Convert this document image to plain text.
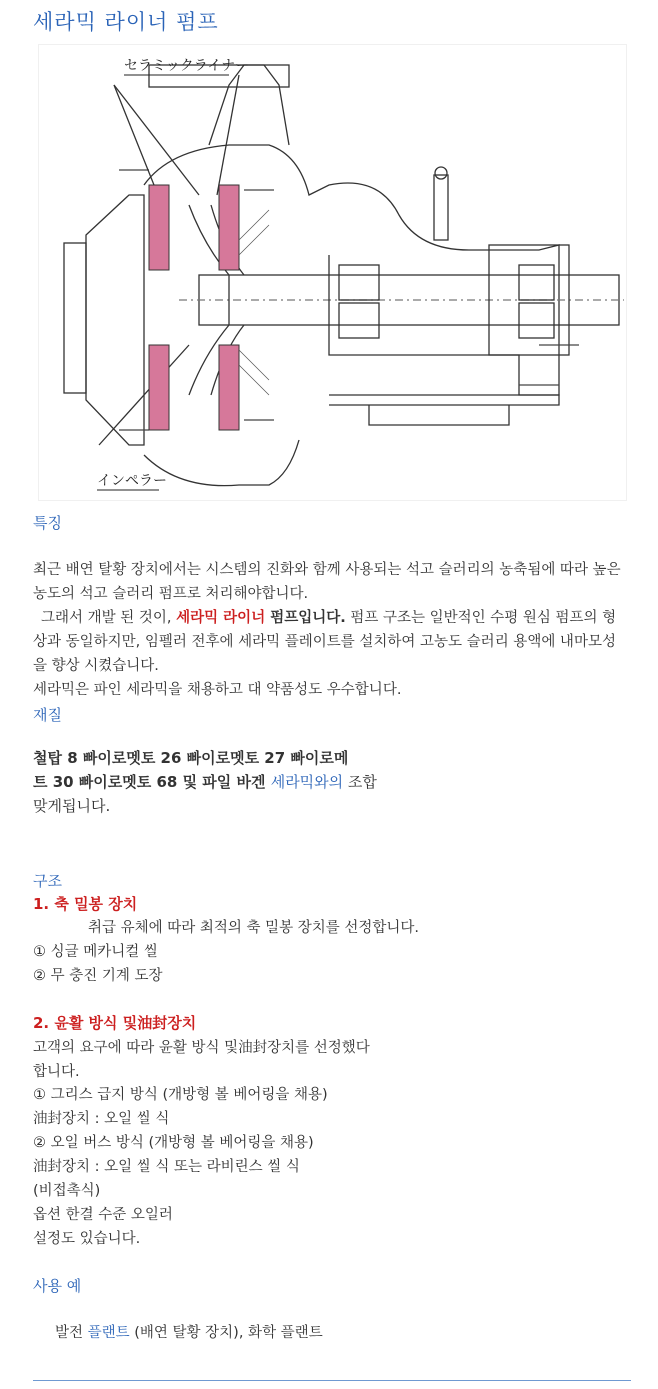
세라믹 라이너 펌프
セラミックライナー
インペラー
특징

최근 배연 탈황 장치에서는 시스템의 진화와 함께 사용되는 석고 슬러리의 농축됨에 따라 높은 농도의 석고 슬러리 펌프로 처리해야합니다.

그래서 개발 된 것이, 세라믹 라이너 펌프입니다. 펌프 구조는 일반적인 수평 원심 펌프의 형상과 동일하지만, 임펠러 전후에 세라믹 플레이트를 설치하여 고농도 슬러리 용액에 내마모성을 향상 시켰습니다.

세라믹은 파인 세라믹을 채용하고 대 약품성도 우수합니다.

재질

철탑 8 빠이로멧토 26 빠이로멧토 27 빠이로메

트 30 빠이로멧토 68 및 파일 바겐 세라믹와의 조합

맞게됩니다.

구조
1. 축 밀봉 장치
취급 유체에 따라 최적의 축 밀봉 장치를 선정합니다.
① 싱글 메카니컬 씰
② 무 충진 기계 도장
2. 윤활 방식 및油封장치
고객의 요구에 따라 윤활 방식 및油封장치를 선정했다
합니다.
① 그리스 급지 방식 (개방형 볼 베어링을 채용)
油封장치 : 오일 씰 식
② 오일 버스 방식 (개방형 볼 베어링을 채용)
油封장치 : 오일 씰 식 또는 라비린스 씰 식
(비접촉식)
옵션 한결 수준 오일러
설정도 있습니다.
사용 예
발전 플랜트 (배연 탈황 장치), 화학 플랜트
